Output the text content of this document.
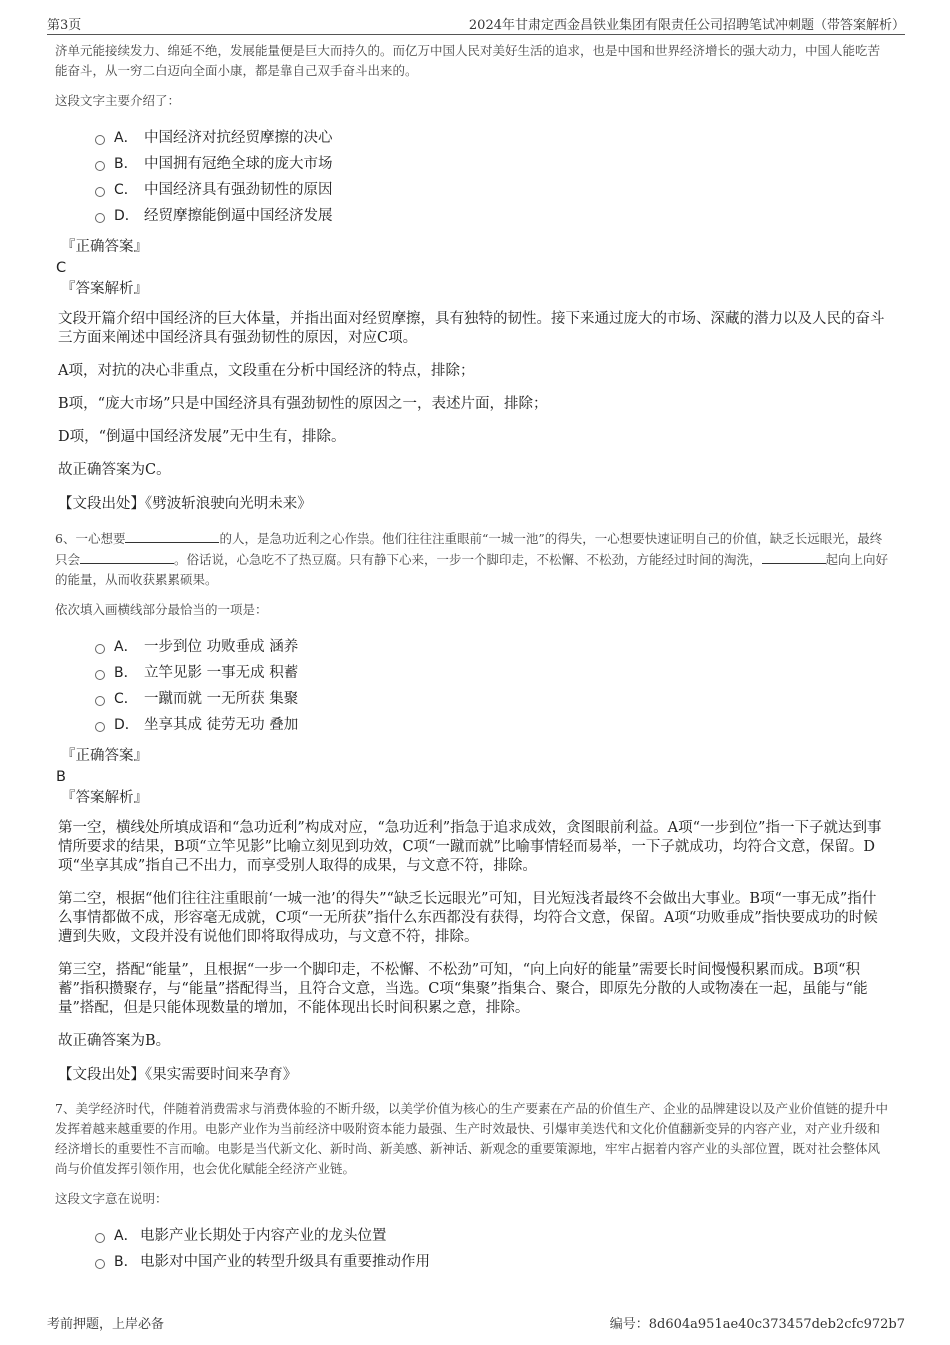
第3页	2024年甘肃定西金昌铁业集团有限责任公司招聘笔试冲刺题（带答案解析）

济单元能接续发力、绵延不绝，发展能量便是巨大而持久的。而亿万中国人民对美好生活的追求，也是中国和世界经济增长的强大动力，中国人能吃苦能奋斗，从一穷二白迈向全面小康，都是靠自己双手奋斗出来的。

这段文字主要介绍了：

A． 中国经济对抗经贸摩擦的决心
B． 中国拥有冠绝全球的庞大市场
C． 中国经济具有强劲韧性的原因
D． 经贸摩擦能倒逼中国经济发展

『正确答案』

C

『答案解析』

文段开篇介绍中国经济的巨大体量，并指出面对经贸摩擦，具有独特的韧性。接下来通过庞大的市场、深藏的潜力以及人民的奋斗三方面来阐述中国经济具有强劲韧性的原因，对应C项。

A项，对抗的决心非重点，文段重在分析中国经济的特点，排除；

B项，“庞大市场”只是中国经济具有强劲韧性的原因之一，表述片面，排除；

D项，“倒逼中国经济发展”无中生有，排除。

故正确答案为C。

【文段出处】《劈波斩浪驶向光明未来》

6、一心想要	的人，是急功近利之心作祟。他们往往注重眼前“一城一池”的得失，一心想要快速证明自己的价值，缺乏长远眼光，最终只会	。俗话说，心急吃不了热豆腐。只有静下心来，一步一个脚印走，不松懈、不松劲，方能经过时间的淘洗，	起向上向好的能量，从而收获累累硕果。

依次填入画横线部分最恰当的一项是：

A． 一步到位 功败垂成 涵养
B． 立竿见影 一事无成 积蓄
C． 一蹴而就 一无所获 集聚
D． 坐享其成 徒劳无功 叠加

『正确答案』

B

『答案解析』

第一空，横线处所填成语和“急功近利”构成对应，“急功近利”指急于追求成效，贪图眼前利益。A项“一步到位”指一下子就达到事情所要求的结果，B项“立竿见影”比喻立刻见到功效，C项“一蹴而就”比喻事情轻而易举，一下子就成功，均符合文意，保留。D项“坐享其成”指自己不出力，而享受别人取得的成果，与文意不符，排除。

第二空，根据“他们往往注重眼前‘一城一池’的得失”“缺乏长远眼光”可知，目光短浅者最终不会做出大事业。B项“一事无成”指什么事情都做不成，形容毫无成就，C项“一无所获”指什么东西都没有获得，均符合文意，保留。A项“功败垂成”指快要成功的时候遭到失败，文段并没有说他们即将取得成功，与文意不符，排除。

第三空，搭配“能量”，且根据“一步一个脚印走，不松懈、不松劲”可知，“向上向好的能量”需要长时间慢慢积累而成。B项“积蓄”指积攒聚存，与“能量”搭配得当，且符合文意，当选。C项“集聚”指集合、聚合，即原先分散的人或物凑在一起，虽能与“能量”搭配，但是只能体现数量的增加，不能体现出长时间积累之意，排除。

故正确答案为B。

【文段出处】《果实需要时间来孕育》

7、美学经济时代，伴随着消费需求与消费体验的不断升级，以美学价值为核心的生产要素在产品的价值生产、企业的品牌建设以及产业价值链的提升中发挥着越来越重要的作用。电影产业作为当前经济中吸附资本能力最强、生产时效最快、引爆审美迭代和文化价值翻新变异的内容产业，对产业升级和经济增长的重要性不言而喻。电影是当代新文化、新时尚、新美感、新神话、新观念的重要策源地，牢牢占据着内容产业的头部位置，既对社会整体风尚与价值发挥引领作用，也会优化赋能全经济产业链。

这段文字意在说明：

A． 电影产业长期处于内容产业的龙头位置
B． 电影对中国产业的转型升级具有重要推动作用
考前押题，上岸必备	编号：8d604a951ae40c373457deb2cfc972b7
